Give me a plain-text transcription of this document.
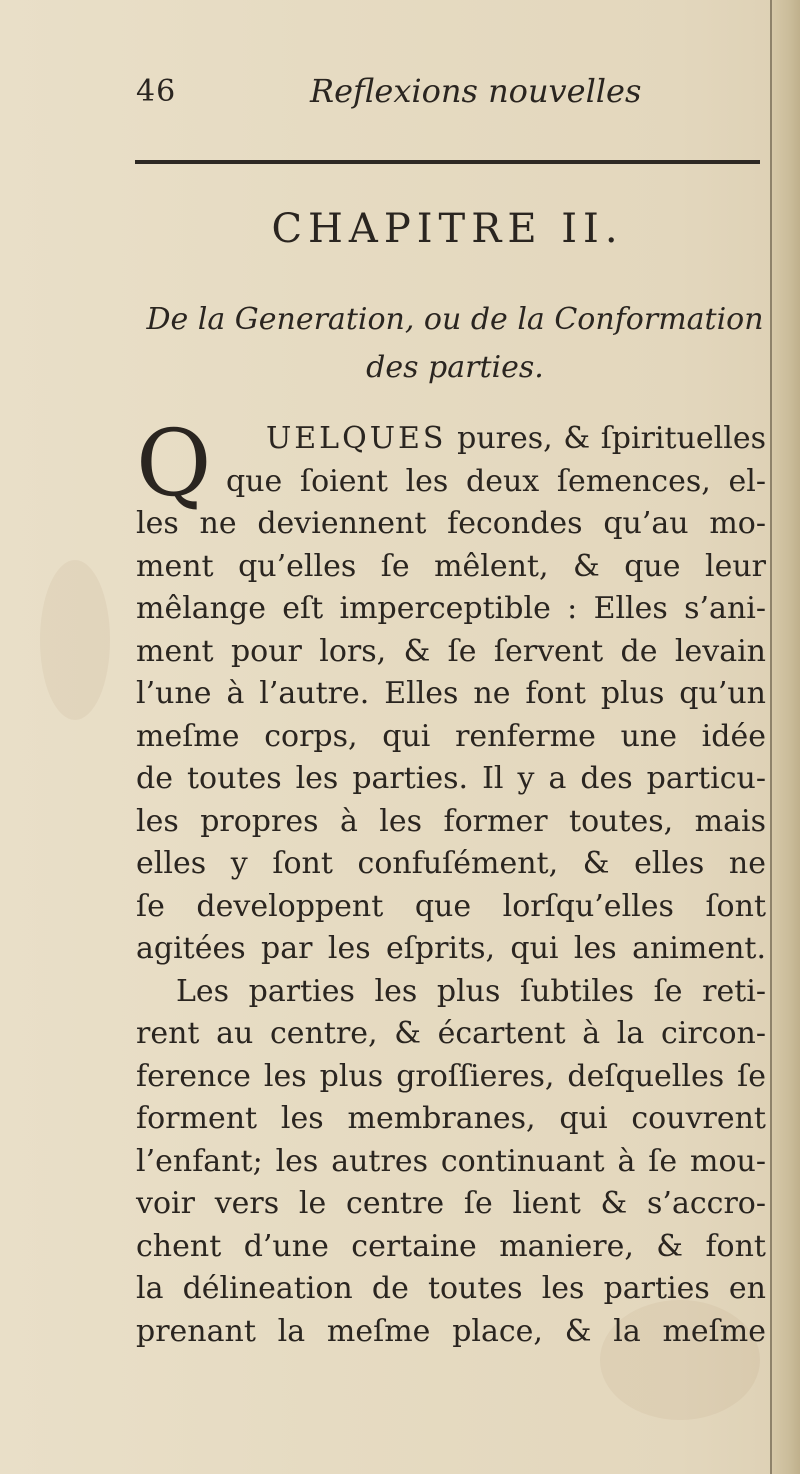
46	Reflexions nouvelles
CHAPITRE II.
De la Generation, ou de la Conformation
des parties.
Q	UELQUES pures, & ſpirituelles
que ſoient les deux ſemences, el-
les ne deviennent fecondes qu’au mo-
ment qu’elles ſe mêlent, & que leur
mêlange eſt imperceptible : Elles s’ani-
ment pour lors, & ſe ſervent de levain
l’une à l’autre. Elles ne font plus qu’un
meſme corps, qui renferme une idée
de toutes les parties. Il y a des particu-
les propres à les former toutes, mais
elles y ſont confuſément, & elles ne
ſe developpent que lorſqu’elles ſont
agitées par les eſprits, qui les animent.
Les parties les plus ſubtiles ſe reti-
rent au centre, & écartent à la circon-
ference les plus groſſieres, deſquelles ſe
forment les membranes, qui couvrent
l’enfant; les autres continuant à ſe mou-
voir vers le centre ſe lient & s’accro-
chent d’une certaine maniere, & font
la délineation de toutes les parties en
prenant la meſme place, & la meſme
